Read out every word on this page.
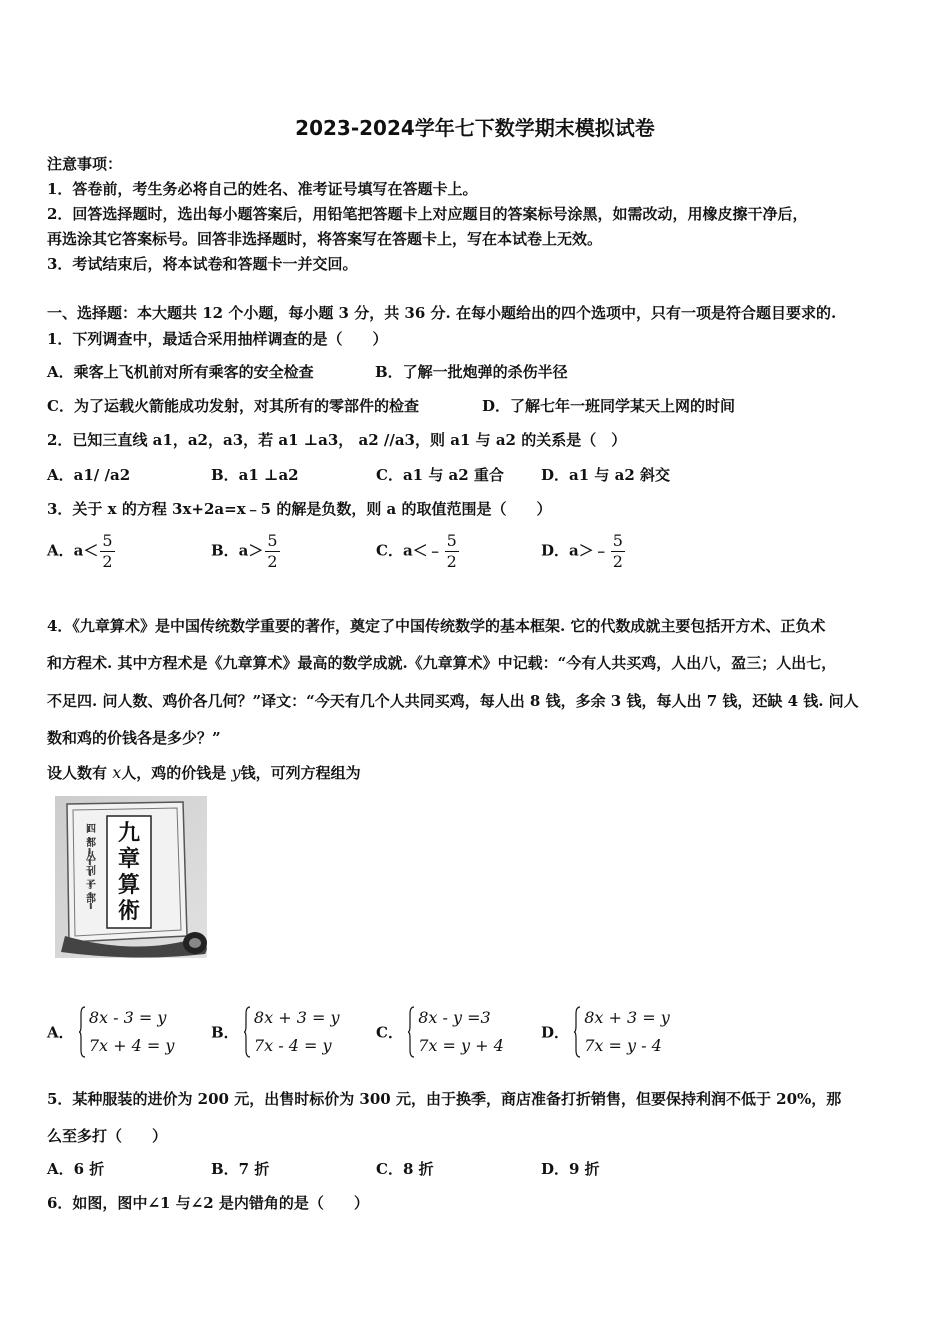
2023-2024学年七下数学期末模拟试卷
注意事项：
1．答卷前，考生务必将自己的姓名、准考证号填写在答题卡上。
2．回答选择题时，选出每小题答案后，用铅笔把答题卡上对应题目的答案标号涂黑，如需改动，用橡皮擦干净后，
再选涂其它答案标号。回答非选择题时，将答案写在答题卡上，写在本试卷上无效。
3．考试结束后，将本试卷和答题卡一并交回。
一、选择题：本大题共 12 个小题，每小题 3 分，共 36 分. 在每小题给出的四个选项中，只有一项是符合题目要求的.
1．下列调查中，最适合采用抽样调查的是（　　）
A．乘客上飞机前对所有乘客的安全检查	B．了解一批炮弹的杀伤半径
C．为了运载火箭能成功发射，对其所有的零部件的检查	D．了解七年一班同学某天上网的时间
2．已知三直线 a1，a2，a3，若 a1 ⊥a3， a2 //a3，则 a1 与 a2 的关系是（　）
A．a1/ /a2	B．a1 ⊥a2	C．a1 与 a2 重合 D．a1 与 a2 斜交
3．关于 x 的方程 3x+2a=x﹣5 的解是负数，则 a 的取值范围是（　　）
A．$a< \frac{5}{2}$	B．$a> \frac{5}{2}$	C．a＜﹣ $\frac{5}{2}$	D．a＞﹣ $\frac{5}{2}$
4．《九章算术》是中国传统数学重要的著作，奠定了中国传统数学的基本框架. 它的代数成就主要包括开方术、正负术
和方程术. 其中方程术是《九章算术》最高的数学成就.《九章算术》中记载：“今有人共买鸡，人出八，盈三；人出七，
不足四. 问人数、鸡价各几何？”译文：“今天有几个人共同买鸡，每人出 8 钱，多余 3 钱，每人出 7 钱，还缺 4 钱. 问人
数和鸡的价钱各是多少？”
设人数有 x人，鸡的价钱是 y钱，可列方程组为
九
章
算
術
四
部
丛
刊
子
部
A．
8x - 3 = y
7x + 4 = y
B．
8x + 3 = y
7x - 4 = y
C．
8x - y =3
7x = y + 4
D．
8x + 3 = y
7x = y - 4
5．某种服装的进价为 200 元，出售时标价为 300 元，由于换季，商店准备打折销售，但要保持利润不低于 20%，那
么至多打（　　）
A．6 折	B．7 折	C．8 折	D．9 折
6．如图，图中∠1 与∠2 是内错角的是（　　）
